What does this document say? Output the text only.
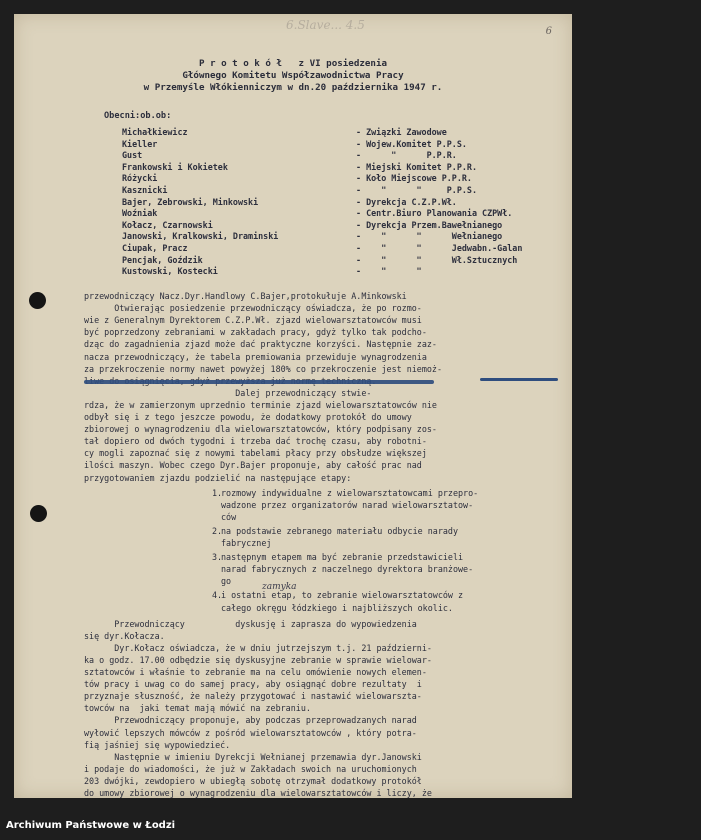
6.Slave... 4.5	6

P r o t o k ó ł   z VI posiedzenia

Głównego Komitetu Współzawodnictwa Pracy

w Przemyśle Włókienniczym w dn.20 października 1947 r.

Obecni:ob.ob:

Michałkiewicz	- Związki Zawodowe
Kieller	- Wojew.Komitet P.P.S.
Gust	-      "      P.P.R.
Frankowski i Kokietek	- Miejski Komitet P.P.R.
Różycki	- Koło Miejscowe P.P.R.
Kasznicki	-    "      "     P.P.S.
Bajer, Zebrowski, Minkowski	- Dyrekcja C.Z.P.Wł.
Woźniak	- Centr.Biuro Planowania CZPWł.
Kołacz, Czarnowski	- Dyrekcja Przem.Bawełnianego
Janowski, Kralkowski, Draminski	-    "      "      Wełnianego
Ciupak, Pracz	-    "      "      Jedwabn.-Galan
Pencjak, Goździk	-    "      "      Wł.Sztucznych
Kustowski, Kostecki	-    "      "

przewodniczący Nacz.Dyr.Handlowy C.Bajer,protokułuje A.Minkowski
Otwierając posiedzenie przewodniczący oświadcza, że po rozmo-
wie z Generalnym Dyrektorem C.Z.P.Wł. zjazd wielowarsztatowców musi
być poprzedzony zebraniami w zakładach pracy, gdyż tylko tak podcho-
dząc do zagadnienia zjazd może dać praktyczne korzyści. Następnie zaz-
nacza przewodniczący, że tabela premiowania przewiduje wynagrodzenia
za przekroczenie normy nawet powyżej 180% co przekroczenie jest niemoż-
Dalej przewodniczący stwie-
rdza, że w zamierzonym uprzednio terminie zjazd wielowarsztatowców nie
odbył się i z tego jeszcze powodu, że dodatkowy protokół do umowy
zbiorowej o wynagrodzeniu dla wielowarsztatowców, który podpisany zos-
tał dopiero od dwóch tygodni i trzeba dać trochę czasu, aby robotni-
cy mogli zapoznać się z nowymi tabelami płacy przy obsłudze większej
ilości maszyn. Wobec czego Dyr.Bajer proponuje, aby całość prac nad
przygotowaniem zjazdu podzielić na następujące etapy:
1.
rozmowy indywidualne z wielowarsztatowcami przepro-
wadzone przez organizatorów narad wielowarsztatow-
ców
2.
na podstawie zebranego materiału odbycie narady
fabrycznej
3.
następnym etapem ma być zebranie przedstawicieli
narad fabrycznych z naczelnego dyrektora branżowe-
go
4.
i ostatni etap, to zebranie wielowarsztatowców z
całego okręgu łódzkiego i najbliższych okolic.
Przewodniczący          dyskusję i zaprasza do wypowiedzenia
się dyr.Kołacza.
Dyr.Kołacz oświadcza, że w dniu jutrzejszym t.j. 21 październi-
ka o godz. 17.00 odbędzie się dyskusyjne zebranie w sprawie wielowar-
sztatowców i właśnie to zebranie ma na celu omówienie nowych elemen-
tów pracy i uwag co do samej pracy, aby osiągnąć dobre rezultaty  i
przyznaje słuszność, że należy przygotować i nastawić wielowarszta-
towców na  jaki temat mają mówić na zebraniu.
Przewodniczący proponuje, aby podczas przeprowadzanych narad
wyłowić lepszych mówców z pośród wielowarsztatowców , który potra-
fią jaśniej się wypowiedzieć.
Następnie w imieniu Dyrekcji Wełnianej przemawia dyr.Janowski
i podaje do wiadomości, że już w Zakładach swoich na uruchomionych
203 dwójki, zewdopiero w ubiegłą sobotę otrzymał dodatkowy protokół
do umowy zbiorowej o wynagrodzeniu dla wielowarsztatowców i liczy, że

zamyka

Archiwum Państwowe w Łodzi
